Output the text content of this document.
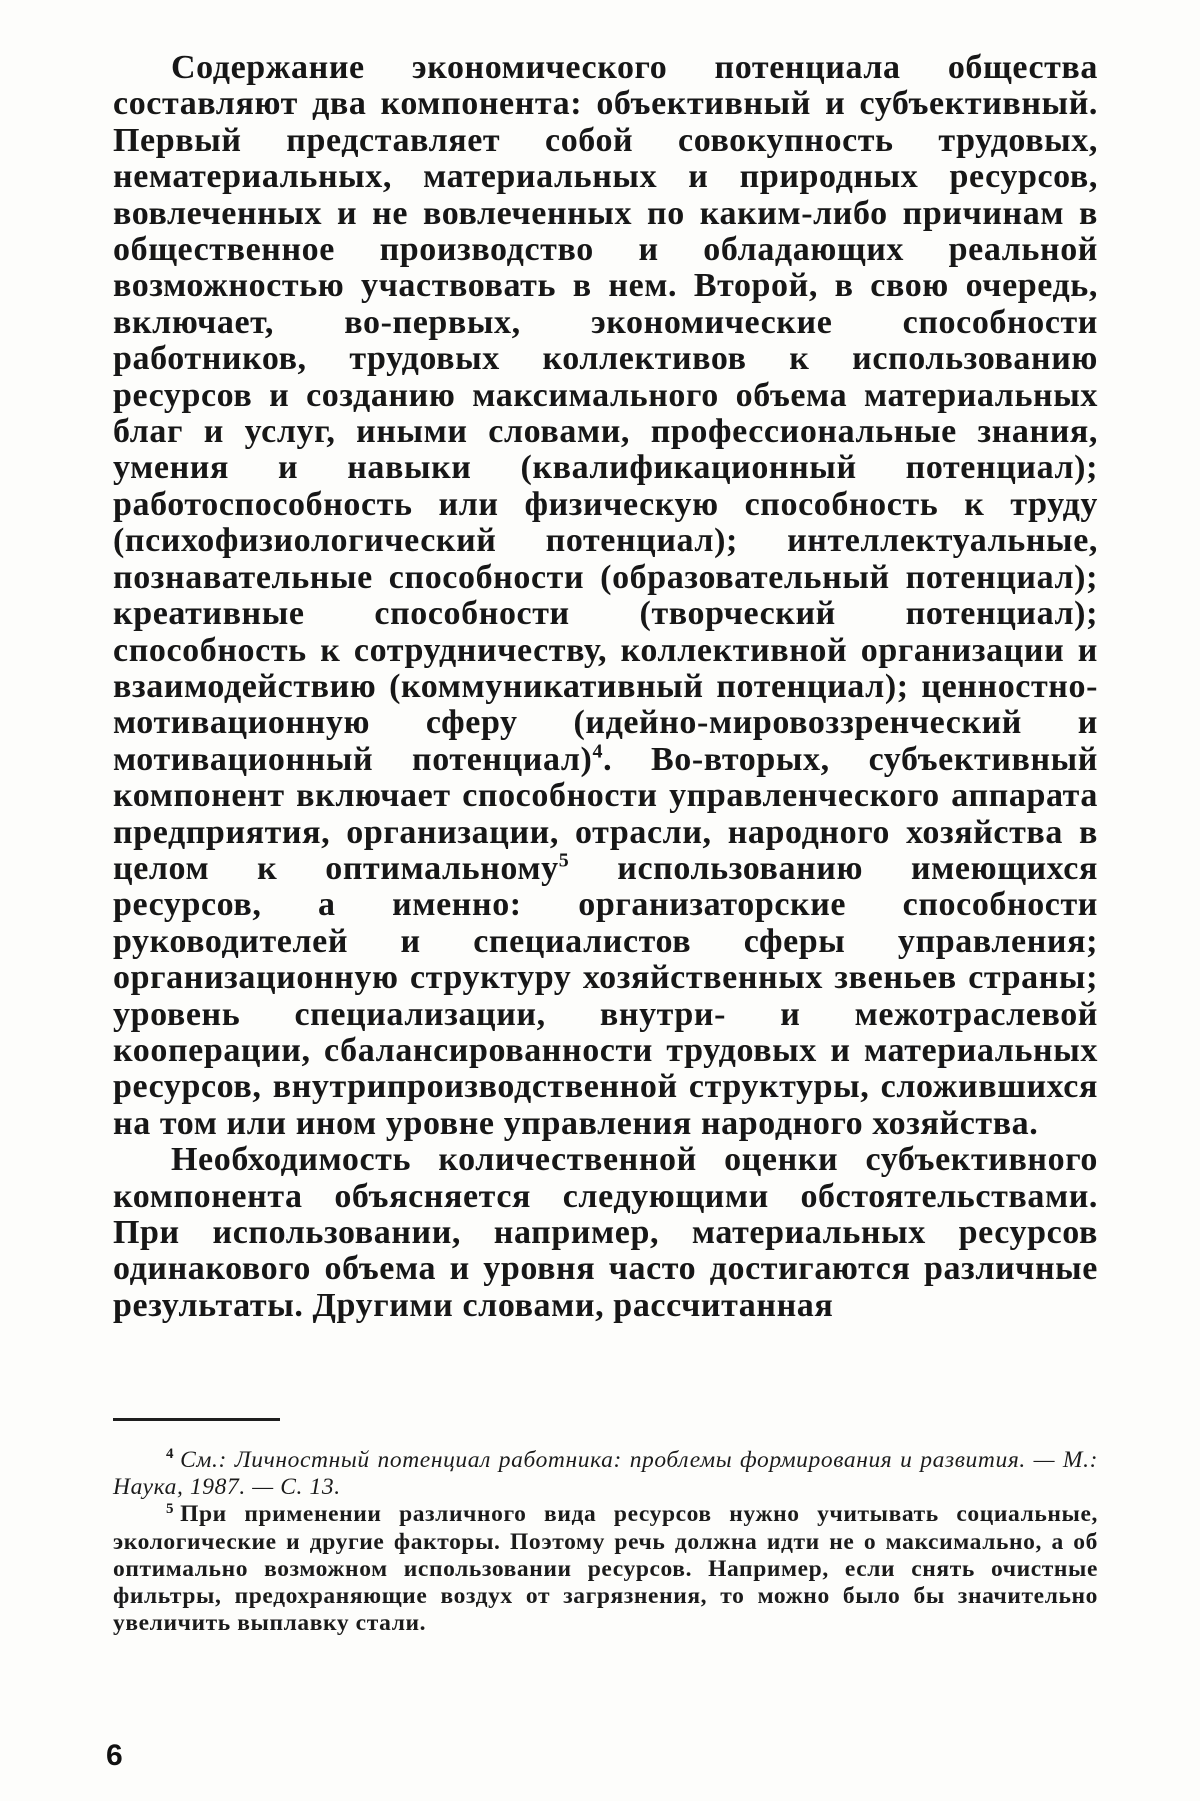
Содержание экономического потенциала общества составляют два компонента: объективный и субъективный. Первый представляет собой совокупность трудовых, нематериальных, материальных и природных ресурсов, вовлеченных и не вовлеченных по каким-либо причинам в общественное производство и обладающих реальной возможностью участвовать в нем. Второй, в свою очередь, включает, во-первых, экономические способности работников, трудовых коллективов к использованию ресурсов и созданию максимального объема материальных благ и услуг, иными словами, профессиональные знания, умения и навыки (квалификационный потенциал); работоспособность или физическую способность к труду (психофизиологический потенциал); интеллектуальные, познавательные способности (образовательный потенциал); креативные способности (творческий потенциал); способность к сотрудничеству, коллективной организации и взаимодействию (коммуникативный потенциал); ценностно-мотивационную сферу (идейно-мировоззренческий и мотивационный потенциал)$^4$. Во-вторых, субъективный компонент включает способности управленческого аппарата предприятия, организации, отрасли, народного хозяйства в целом к оптимальному$^5$ использованию имеющихся ресурсов, а именно: организаторские способности руководителей и специалистов сферы управления; организационную структуру хозяйственных звеньев страны; уровень специализации, внутри- и межотраслевой кооперации, сбалансированности трудовых и материальных ресурсов, внутрипроизводственной структуры, сложившихся на том или ином уровне управления народного хозяйства.

Необходимость количественной оценки субъективного компонента объясняется следующими обстоятельствами. При использовании, например, материальных ресурсов одинакового объема и уровня часто достигаются различные результаты. Другими словами, рассчитанная

$^4$ См.: Личностный потенциал работника: проблемы формирования и развития. — М.: Наука, 1987. — С. 13.

$^5$ При применении различного вида ресурсов нужно учитывать социальные, экологические и другие факторы. Поэтому речь должна идти не о максимально, а об оптимально возможном использовании ресурсов. Например, если снять очистные фильтры, предохраняющие воздух от загрязнения, то можно было бы значительно увеличить выплавку стали.

6
